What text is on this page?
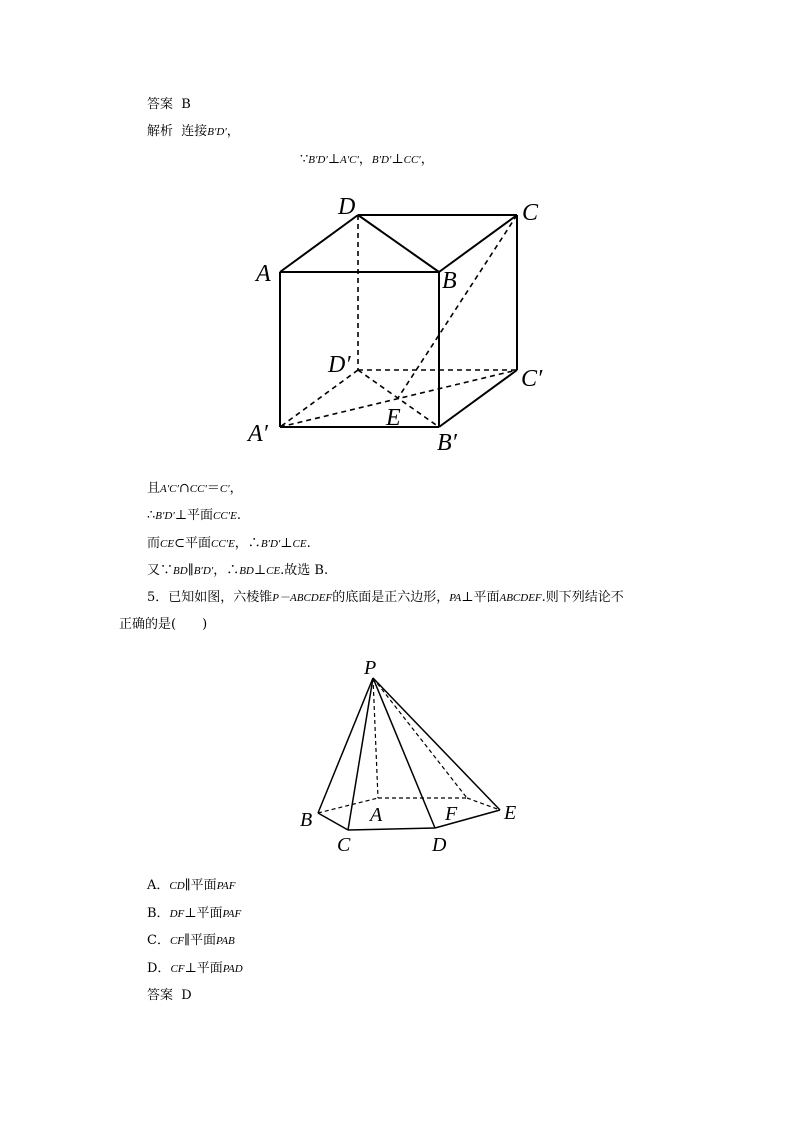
答案 B
解析 连接B′D′，
∵B′D′⊥A′C′，B′D′⊥CC′，
D	C
A	B
D′
C′
A′
E
B′
且A′C′∩CC′＝C′，
∴B′D′⊥平面CC′E.
而CE⊂平面CC′E，∴B′D′⊥CE.
又∵BD∥B′D′，∴BD⊥CE.故选 B.
5．已知如图，六棱锥P－ABCDEF的底面是正六边形，PA⊥平面ABCDEF.则下列结论不
正确的是(　　)
P
B	A	F E
C	D
A．CD∥平面PAF
B．DF⊥平面PAF
C．CF∥平面PAB
D．CF⊥平面PAD
答案 D
